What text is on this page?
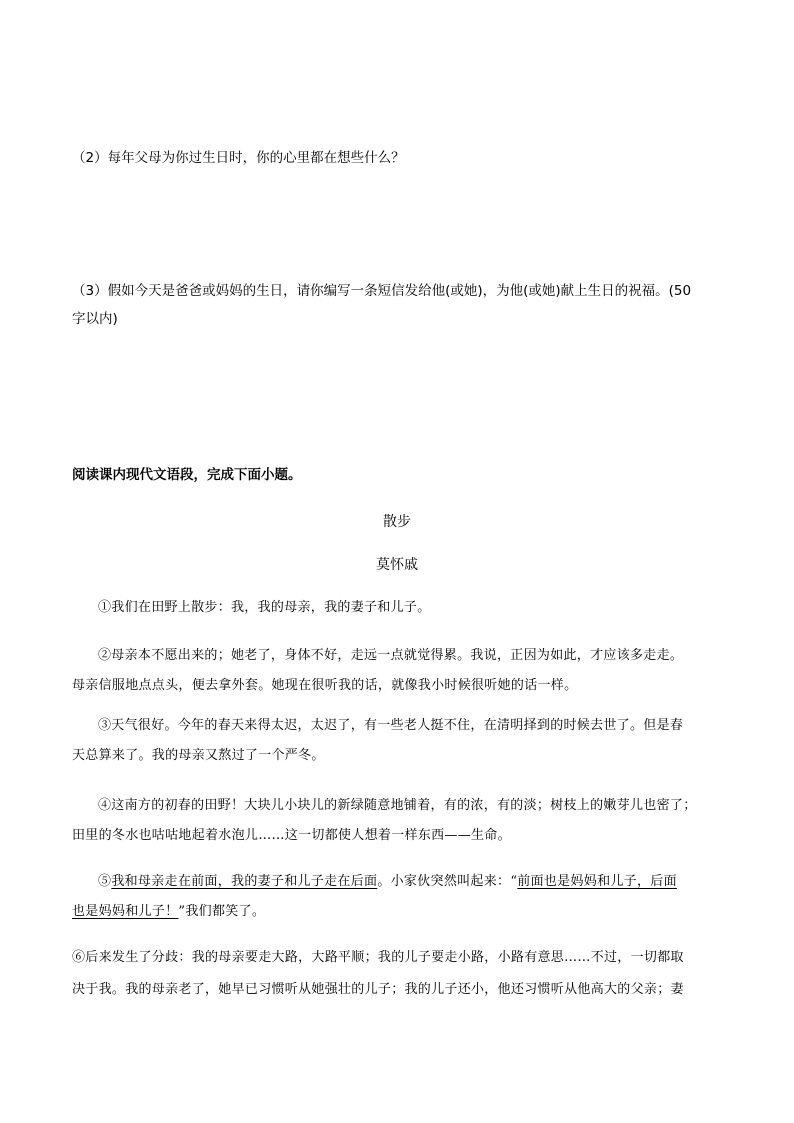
（2）每年父母为你过生日时，你的心里都在想些什么？
（3）假如今天是爸爸或妈妈的生日，请你编写一条短信发给他(或她)，为他(或她)献上生日的祝福。(50
字以内)
阅读课内现代文语段，完成下面小题。
散步
莫怀戚
①我们在田野上散步：我，我的母亲，我的妻子和儿子。
②母亲本不愿出来的；她老了，身体不好，走远一点就觉得累。我说，正因为如此，才应该多走走。
母亲信服地点点头，便去拿外套。她现在很听我的话，就像我小时候很听她的话一样。
③天气很好。今年的春天来得太迟，太迟了，有一些老人挺不住，在清明择到的时候去世了。但是春
天总算来了。我的母亲又熬过了一个严冬。
④这南方的初春的田野！大块儿小块儿的新绿随意地铺着，有的浓，有的淡；树枝上的嫩芽儿也密了；
田里的冬水也咕咕地起着水泡儿……这一切都使人想着一样东西——生命。
⑤我和母亲走在前面，我的妻子和儿子走在后面。小家伙突然叫起来：“前面也是妈妈和儿子，后面
也是妈妈和儿子！”我们都笑了。
⑥后来发生了分歧：我的母亲要走大路，大路平顺；我的儿子要走小路，小路有意思……不过，一切都取
决于我。我的母亲老了，她早已习惯听从她强壮的儿子；我的儿子还小，他还习惯听从他高大的父亲；妻
